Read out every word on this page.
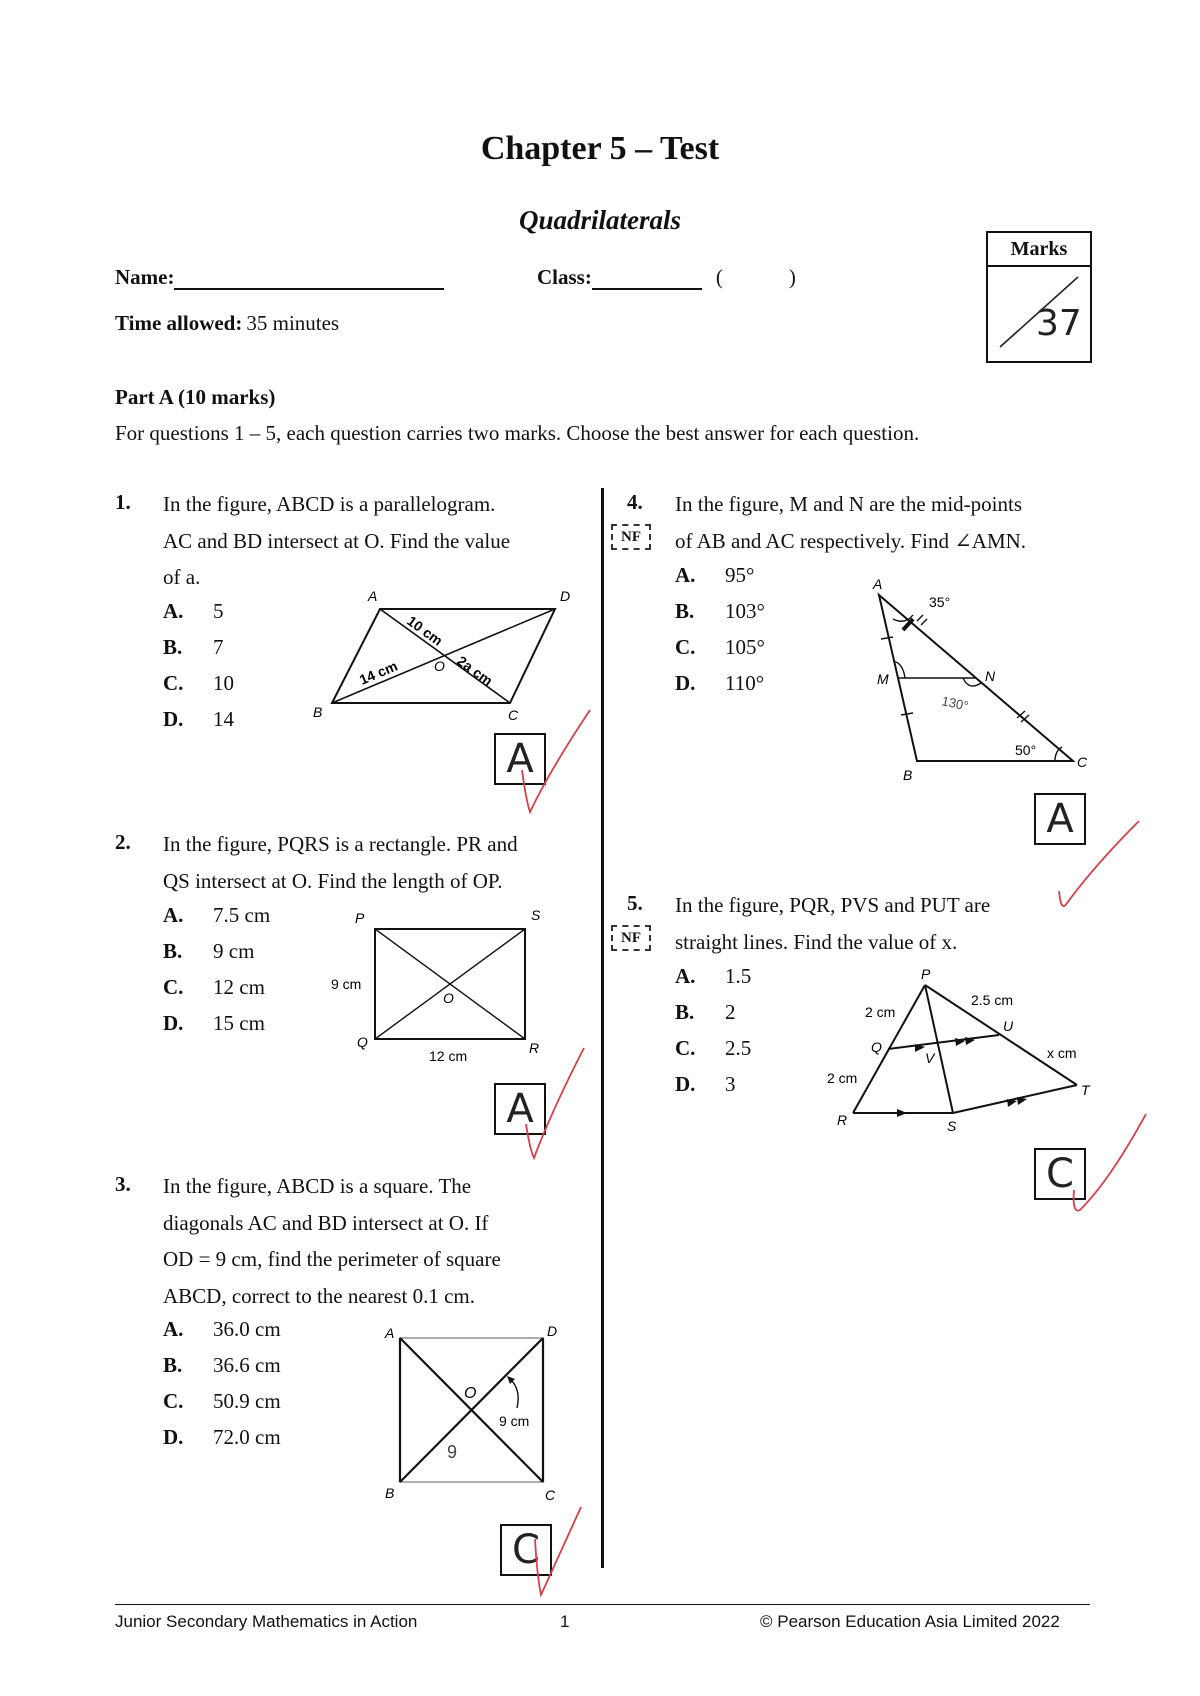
Chapter 5 – Test
Quadrilaterals
Name:	Class:	(	)
Time allowed: 35 minutes
Marks
37
Part A (10 marks)
For questions 1 – 5, each question carries two marks. Choose the best answer for each question.
1. In the figure, ABCD is a parallelogram.
AC and BD intersect at O. Find the value
of a.
A. 5
B. 7
C. 10
D. 14
A	D
B	C
O
10 cm
14 cm	2a cm
A
2. In the figure, PQRS is a rectangle. PR and
QS intersect at O. Find the length of OP.
A. 7.5 cm
B. 9 cm
C. 12 cm
D. 15 cm
P	S
Q	R
O
9 cm
12 cm
A
3. In the figure, ABCD is a square. The
diagonals AC and BD intersect at O. If
OD = 9 cm, find the perimeter of square
ABCD, correct to the nearest 0.1 cm.
A. 36.0 cm
B. 36.6 cm
C. 50.9 cm
D. 72.0 cm
A	D
B	C
O
9 cm
9
C
4.
NF
In the figure, M and N are the mid-points
of AB and AC respectively. Find ∠AMN.
A. 95°
B. 103°
C. 105°
D. 110°
A
M	N
B
C
35°
50°
130°
A
5.
NF
In the figure, PQR, PVS and PUT are
straight lines. Find the value of x.
A. 1.5
B. 2
C. 2.5
D. 3
P
Q
R	S
T
U
V
2 cm
2 cm
2.5 cm
x cm
C
Junior Secondary Mathematics in Action	1	© Pearson Education Asia Limited 2022
